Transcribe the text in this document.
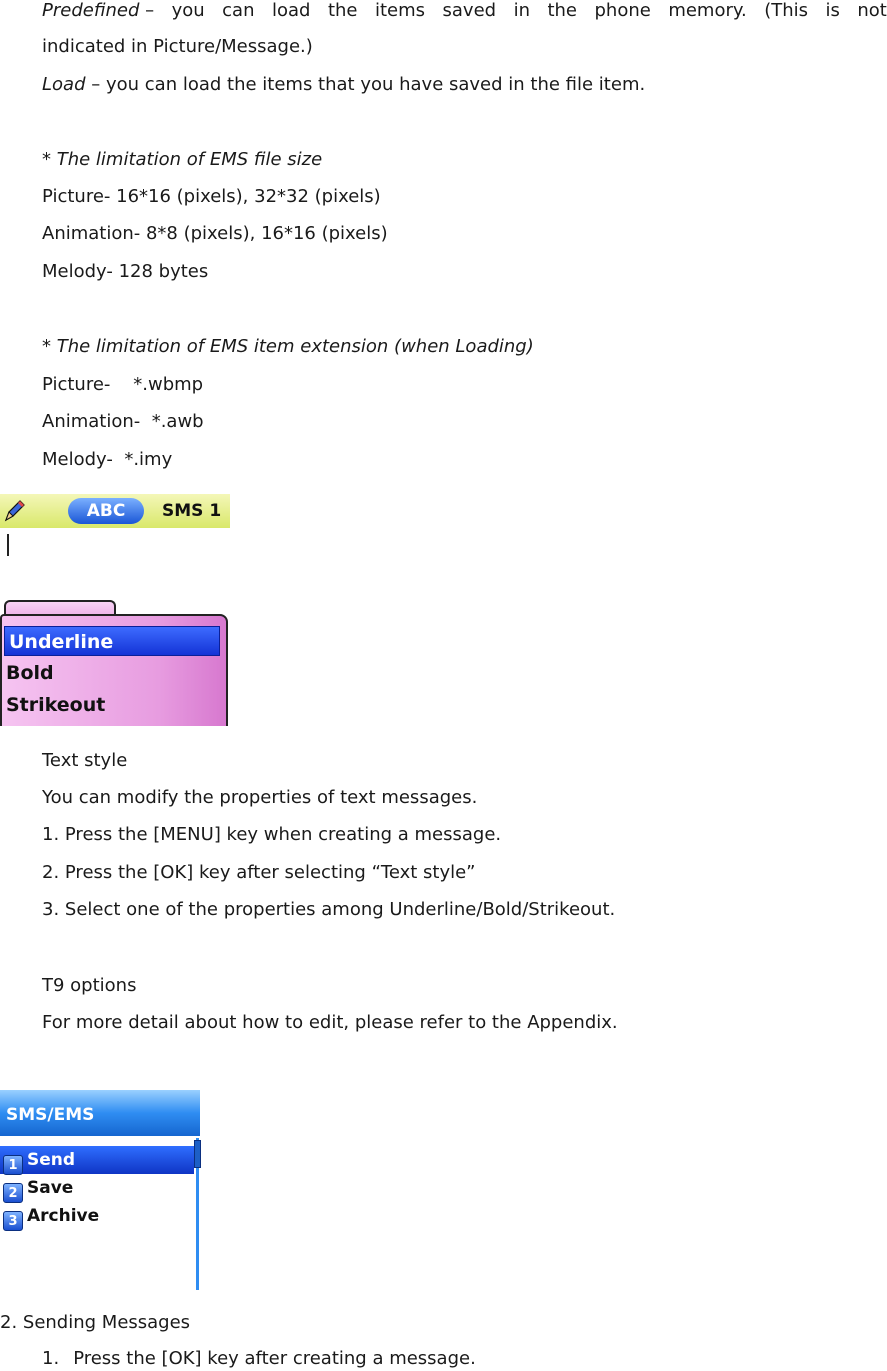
Predefined – you can load the items saved in the phone memory. (This is not
indicated in Picture/Message.)
Load – you can load the items that you have saved in the file item.
* The limitation of EMS file size
Picture- 16*16 (pixels), 32*32 (pixels)
Animation- 8*8 (pixels), 16*16 (pixels)
Melody- 128 bytes
* The limitation of EMS item extension (when Loading)
Picture-    *.wbmp
Animation-  *.awb
Melody-  *.imy
ABC	SMS 1
Underline
Bold
Strikeout
Text style
You can modify the properties of text messages.
1. Press the [MENU] key when creating a message.
2. Press the [OK] key after selecting “Text style”
3. Select one of the properties among Underline/Bold/Strikeout.
T9 options
For more detail about how to edit, please refer to the Appendix.
SMS/EMS
1 Send
2 Save
3 Archive
2. Sending Messages
1. Press the [OK] key after creating a message.
